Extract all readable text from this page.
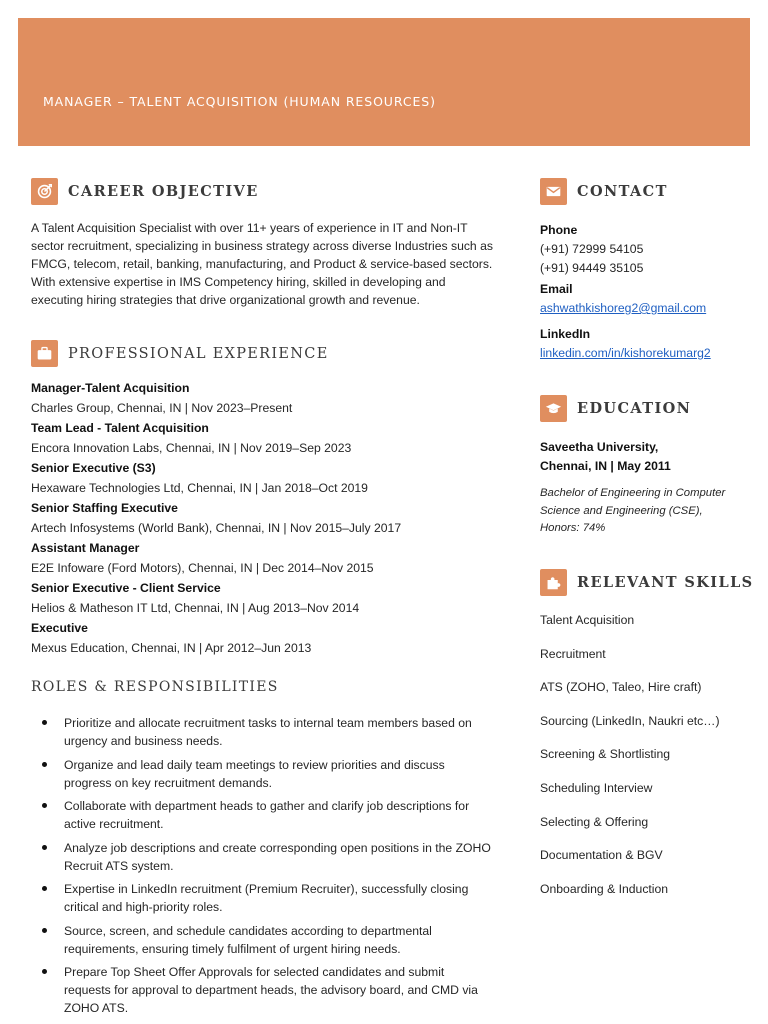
MANAGER – TALENT ACQUISITION (HUMAN RESOURCES)
CAREER OBJECTIVE
A Talent Acquisition Specialist with over 11+ years of experience in IT and Non-IT
sector recruitment, specializing in business strategy across diverse Industries such as
FMCG, telecom, retail, banking, manufacturing, and Product & service-based sectors.
With extensive expertise in IMS Competency hiring, skilled in developing and
executing hiring strategies that drive organizational growth and revenue.
PROFESSIONAL EXPERIENCE
Manager-Talent Acquisition
Charles Group, Chennai, IN | Nov 2023–Present
Team Lead - Talent Acquisition
Encora Innovation Labs, Chennai, IN | Nov 2019–Sep 2023
Senior Executive (S3)
Hexaware Technologies Ltd, Chennai, IN | Jan 2018–Oct 2019
Senior Staffing Executive
Artech Infosystems (World Bank), Chennai, IN | Nov 2015–July 2017
Assistant Manager
E2E Infoware (Ford Motors), Chennai, IN | Dec 2014–Nov 2015
Senior Executive - Client Service
Helios & Matheson IT Ltd, Chennai, IN | Aug 2013–Nov 2014
Executive
Mexus Education, Chennai, IN | Apr 2012–Jun 2013
ROLES & RESPONSIBILITIES
Prioritize and allocate recruitment tasks to internal team members based on
urgency and business needs.
Organize and lead daily team meetings to review priorities and discuss
progress on key recruitment demands.
Collaborate with department heads to gather and clarify job descriptions for
active recruitment.
Analyze job descriptions and create corresponding open positions in the ZOHO
Recruit ATS system.
Expertise in LinkedIn recruitment (Premium Recruiter), successfully closing
critical and high-priority roles.
Source, screen, and schedule candidates according to departmental
requirements, ensuring timely fulfilment of urgent hiring needs.
Prepare Top Sheet Offer Approvals for selected candidates and submit
requests for approval to department heads, the advisory board, and CMD via
ZOHO ATS.
CONTACT
Phone
(+91) 72999 54105
(+91) 94449 35105
Email
ashwathkishoreg2@gmail.com
LinkedIn
linkedin.com/in/kishorekumarg2
EDUCATION
Saveetha University,
Chennai, IN | May 2011
Bachelor of Engineering in Computer
Science and Engineering (CSE),
Honors: 74%
RELEVANT SKILLS
Talent Acquisition
Recruitment
ATS (ZOHO, Taleo, Hire craft)
Sourcing (LinkedIn, Naukri etc…)
Screening & Shortlisting
Scheduling Interview
Selecting & Offering
Documentation & BGV
Onboarding & Induction
